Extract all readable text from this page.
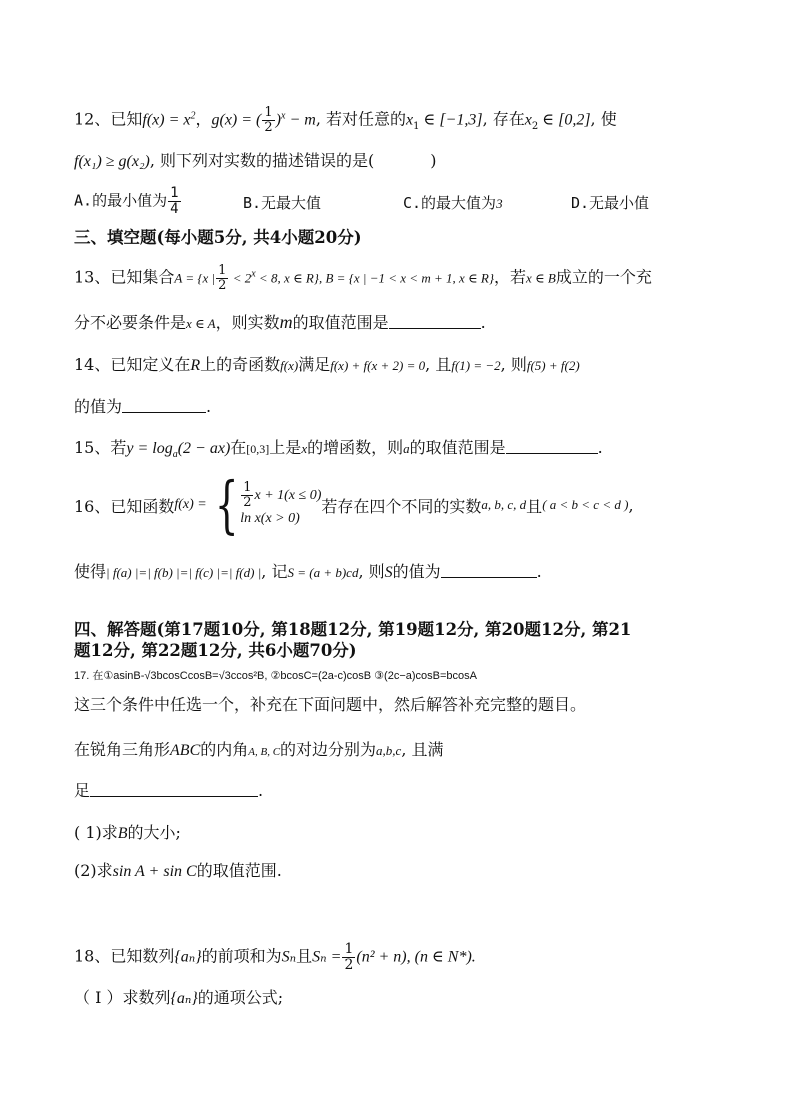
12、已知$f(x) = x^2$，g(x) = ( $\frac{1}{2} )^x - m$, 若对任意的$x_1$ ∈ [−1,3], 存在$x_2$ ∈ [0,2], 使
f(x₁) ≥ g(x₂), 则下列对实数的描述错误的是(	)
A.的最小值为 $\frac{1}{4}$	B.无最大值	C.的最大值为3	D.无最小值
三、填空题(每小题5分, 共4小题20分)
13、已知集合A = {x | $\frac{1}{2} < 2^x < 8$, x ∈ R}, B = {x | −1 < x < m + 1, x ∈ R}，若x ∈ B成立的一个充
分不必要条件是x ∈ A，则实数m的取值范围是	.
14、已知定义在R上的奇函数f(x)满足f(x) + f(x + 2) = 0, 且f(1) = −2, 则f(5) + f(2)
的值为	.
15、若$y = \log_a(2 - ax)$在[0,3]上是x的增函数，则a的取值范围是	.
16、已知函数f(x) = { $\frac{1}{2}$ x + 1(x ≤ 0)
ln x(x > 0)
若存在四个不同的实数a, b, c, d且( a < b < c < d ),
使得| f(a) |=| f(b) |=| f(c) |=| f(d) |, 记S = (a + b)cd, 则S的值为	.
四、解答题(第17题10分, 第18题12分, 第19题12分, 第20题12分, 第21
题12分, 第22题12分, 共6小题70分)
17. 在①asinB-√3bcosCcosB=√3ccos²B, ②bcosC=(2a-c)cosB ③(2c−a)cosB=bcosA
这三个条件中任选一个，补充在下面问题中，然后解答补充完整的题目。
在锐角三角形ABC的内角A, B, C的对边分别为a,b,c, 且满
足	.
( 1)求B的大小;
(2)求sin A + sin C的取值范围.
18、已知数列{aₙ}的前项和为Sₙ且$S_n = \frac{1}{2} (n^2 + n)$, (n ∈ N*).
（ Ⅰ ）求数列{aₙ}的通项公式;
